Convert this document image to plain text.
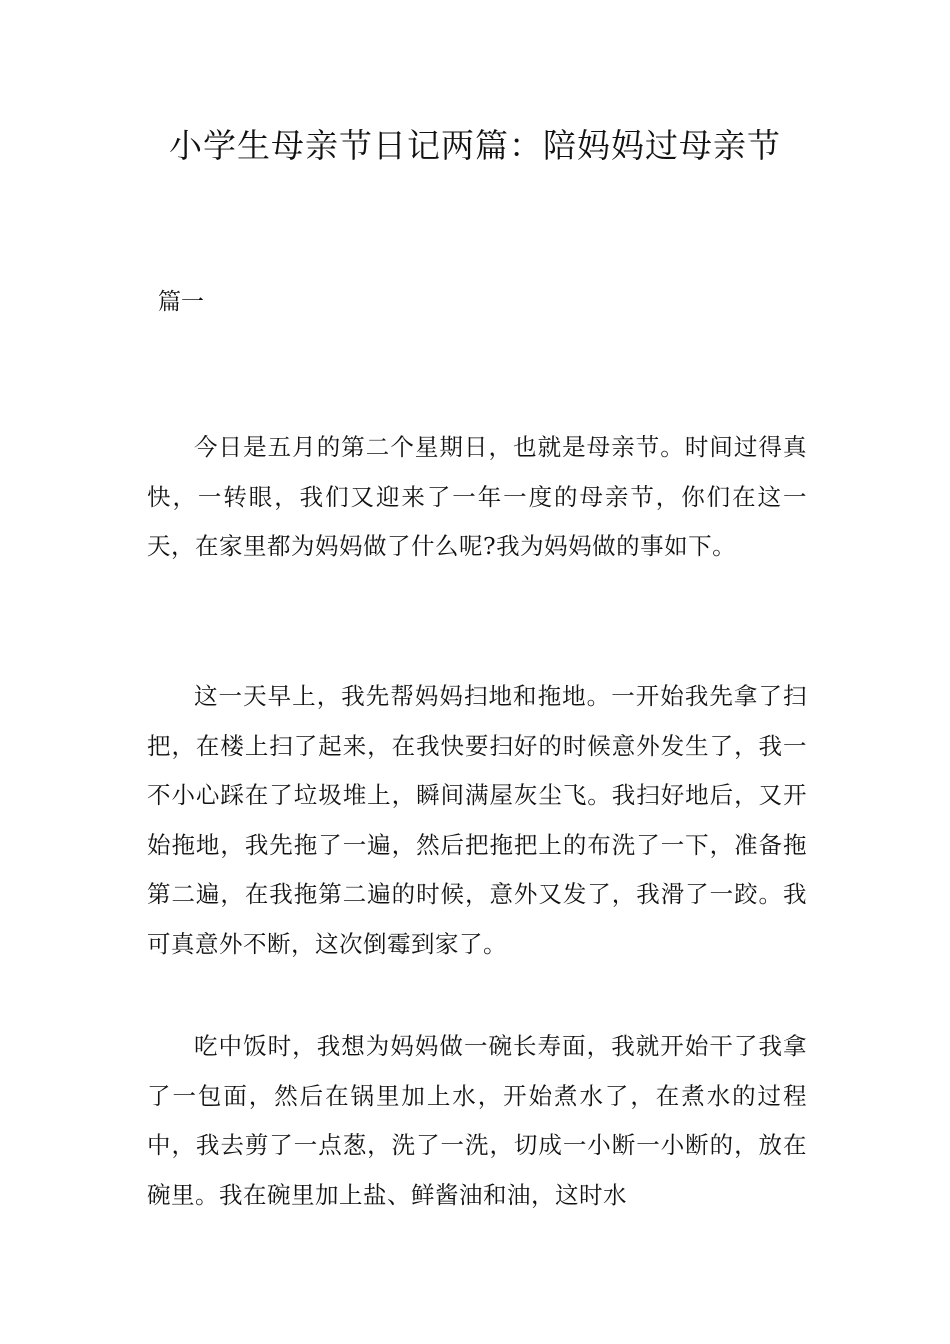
小学生母亲节日记两篇：陪妈妈过母亲节
篇一

今日是五月的第二个星期日，也就是母亲节。时间过得真快，一转眼，我们又迎来了一年一度的母亲节，你们在这一天，在家里都为妈妈做了什么呢?我为妈妈做的事如下。

这一天早上，我先帮妈妈扫地和拖地。一开始我先拿了扫把，在楼上扫了起来，在我快要扫好的时候意外发生了，我一不小心踩在了垃圾堆上，瞬间满屋灰尘飞。我扫好地后，又开始拖地，我先拖了一遍，然后把拖把上的布洗了一下，准备拖第二遍，在我拖第二遍的时候，意外又发了，我滑了一跤。我可真意外不断，这次倒霉到家了。

吃中饭时，我想为妈妈做一碗长寿面，我就开始干了我拿了一包面，然后在锅里加上水，开始煮水了，在煮水的过程中，我去剪了一点葱，洗了一洗，切成一小断一小断的，放在碗里。我在碗里加上盐、鲜酱油和油，这时水
